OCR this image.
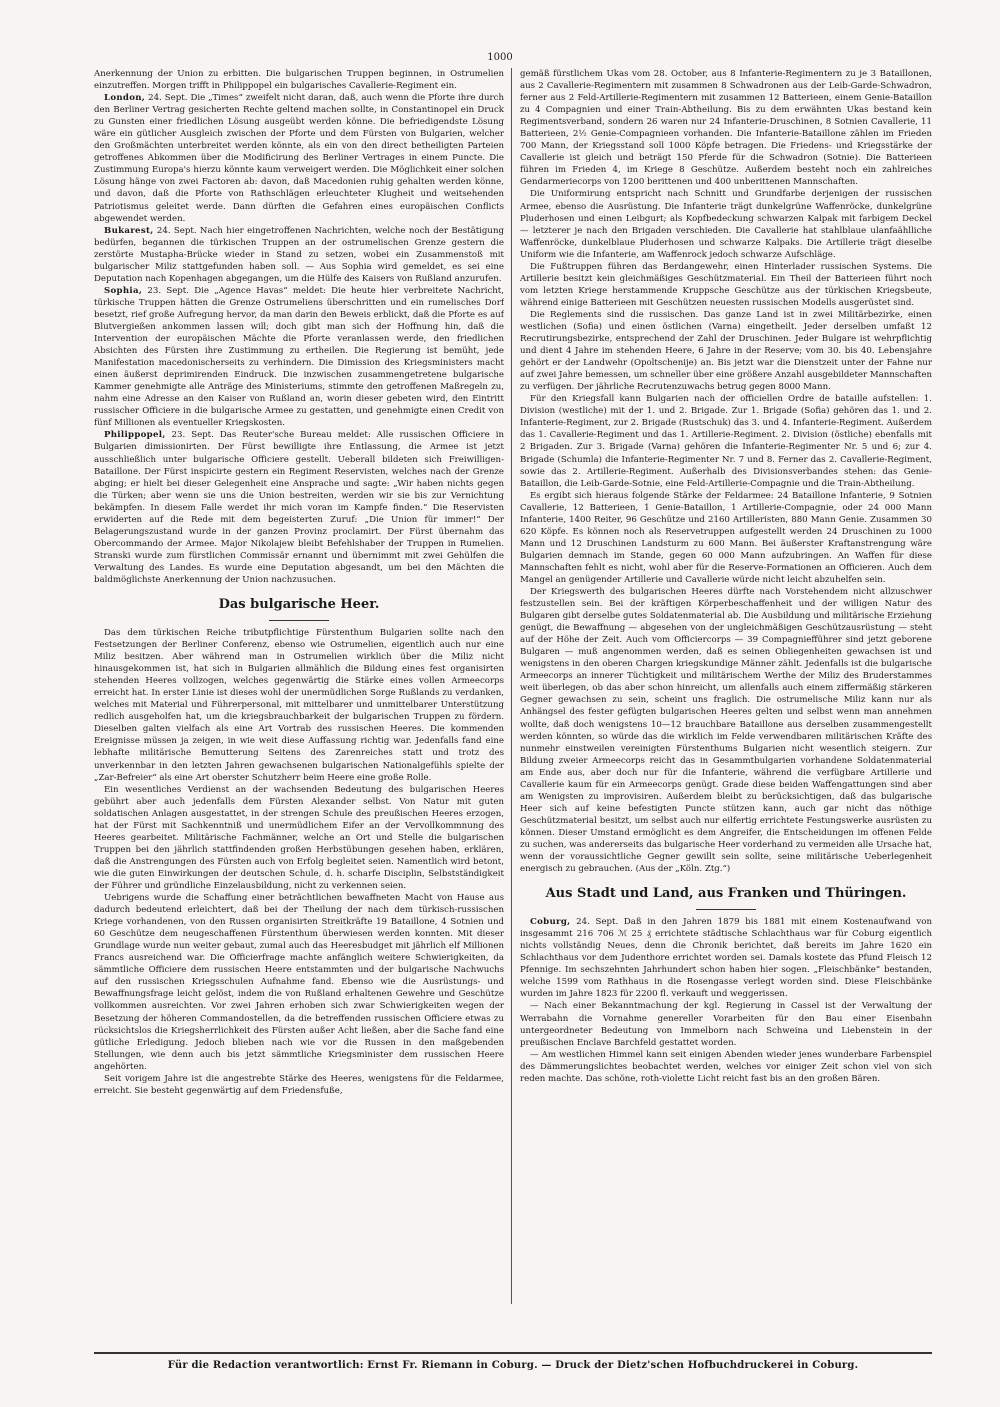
1000

Anerkennung der Union zu erbitten. Die bulgarischen Truppen beginnen, in Ostrumelien einzutreffen. Morgen trifft in Philippopel ein bulgarisches Cavallerie-Regiment ein.

London, 24. Sept. Die „Times“ zweifelt nicht daran, daß, auch wenn die Pforte ihre durch den Berliner Vertrag gesicherten Rechte geltend machen sollte, in Constantinopel ein Druck zu Gunsten einer friedlichen Lösung ausgeübt werden könne. Die befriedigendste Lösung wäre ein gütlicher Ausgleich zwischen der Pforte und dem Fürsten von Bulgarien, welcher den Großmächten unterbreitet werden könnte, als ein von den direct betheiligten Parteien getroffenes Abkommen über die Modificirung des Berliner Vertrages in einem Puncte. Die Zustimmung Europa's hierzu könnte kaum verweigert werden. Die Möglichkeit einer solchen Lösung hänge von zwei Factoren ab: davon, daß Macedonien ruhig gehalten werden könne, und davon, daß die Pforte von Rathschlägen erleuchteter Klugheit und weitsehenden Patriotismus geleitet werde. Dann dürften die Gefahren eines europäischen Conflicts abgewendet werden.

Bukarest, 24. Sept. Nach hier eingetroffenen Nachrichten, welche noch der Bestätigung bedürfen, begannen die türkischen Truppen an der ostrumelischen Grenze gestern die zerstörte Mustapha-Brücke wieder in Stand zu setzen, wobei ein Zusammenstoß mit bulgarischer Miliz stattgefunden haben soll. — Aus Sophia wird gemeldet, es sei eine Deputation nach Kopenhagen abgegangen, um die Hülfe des Kaisers von Rußland anzurufen.

Sophia, 23. Sept. Die „Agence Havas“ meldet: Die heute hier verbreitete Nachricht, türkische Truppen hätten die Grenze Ostrumeliens überschritten und ein rumelisches Dorf besetzt, rief große Aufregung hervor, da man darin den Beweis erblickt, daß die Pforte es auf Blutvergießen ankommen lassen will; doch gibt man sich der Hoffnung hin, daß die Intervention der europäischen Mächte die Pforte veranlassen werde, den friedlichen Absichten des Fürsten ihre Zustimmung zu ertheilen. Die Regierung ist bemüht, jede Manifestation macedonischerseits zu verhindern. Die Dimission des Kriegsministers macht einen äußerst deprimirenden Eindruck. Die inzwischen zusammengetretene bulgarische Kammer genehmigte alle Anträge des Ministeriums, stimmte den getroffenen Maßregeln zu, nahm eine Adresse an den Kaiser von Rußland an, worin dieser gebeten wird, den Eintritt russischer Officiere in die bulgarische Armee zu gestatten, und genehmigte einen Credit von fünf Millionen als eventueller Kriegskosten.

Philippopel, 23. Sept. Das Reuter'sche Bureau meldet: Alle russischen Officiere in Bulgarien dimissionirten. Der Fürst bewilligte ihre Entlassung, die Armee ist jetzt ausschließlich unter bulgarische Officiere gestellt. Ueberall bildeten sich Freiwilligen-Bataillone. Der Fürst inspicirte gestern ein Regiment Reservisten, welches nach der Grenze abging; er hielt bei dieser Gelegenheit eine Ansprache und sagte: „Wir haben nichts gegen die Türken; aber wenn sie uns die Union bestreiten, werden wir sie bis zur Vernichtung bekämpfen. In diesem Falle werdet ihr mich voran im Kampfe finden.“ Die Reservisten erwiderten auf die Rede mit dem begeisterten Zuruf: „Die Union für immer!“ Der Belagerungszustand wurde in der ganzen Provinz proclamirt. Der Fürst übernahm das Obercommando der Armee. Major Nikolajew bleibt Befehlshaber der Truppen in Rumelien. Stranski wurde zum fürstlichen Commissär ernannt und übernimmt mit zwei Gehülfen die Verwaltung des Landes. Es wurde eine Deputation abgesandt, um bei den Mächten die baldmöglichste Anerkennung der Union nachzusuchen.

Das bulgarische Heer.

Das dem türkischen Reiche tributpflichtige Fürstenthum Bulgarien sollte nach den Festsetzungen der Berliner Conferenz, ebenso wie Ostrumelien, eigentlich auch nur eine Miliz besitzen. Aber während man in Ostrumelien wirklich über die Miliz nicht hinausgekommen ist, hat sich in Bulgarien allmählich die Bildung eines fest organisirten stehenden Heeres vollzogen, welches gegenwärtig die Stärke eines vollen Armeecorps erreicht hat. In erster Linie ist dieses wohl der unermüdlichen Sorge Rußlands zu verdanken, welches mit Material und Führerpersonal, mit mittelbarer und unmittelbarer Unterstützung redlich ausgeholfen hat, um die kriegsbrauchbarkeit der bulgarischen Truppen zu fördern. Dieselben galten vielfach als eine Art Vortrab des russischen Heeres. Die kommenden Ereignisse müssen ja zeigen, in wie weit diese Auffassung richtig war. Jedenfalls fand eine lebhafte militärische Bemutterung Seitens des Zarenreiches statt und trotz des unverkennbar in den letzten Jahren gewachsenen bulgarischen Nationalgefühls spielte der „Zar-Befreier“ als eine Art oberster Schutzherr beim Heere eine große Rolle.

Ein wesentliches Verdienst an der wachsenden Bedeutung des bulgarischen Heeres gebührt aber auch jedenfalls dem Fürsten Alexander selbst. Von Natur mit guten soldatischen Anlagen ausgestattet, in der strengen Schule des preußischen Heeres erzogen, hat der Fürst mit Sachkenntniß und unermüdlichem Eifer an der Vervollkommnung des Heeres gearbeitet. Militärische Fachmänner, welche an Ort und Stelle die bulgarischen Truppen bei den jährlich stattfindenden großen Herbstübungen gesehen haben, erklären, daß die Anstrengungen des Fürsten auch von Erfolg begleitet seien. Namentlich wird betont, wie die guten Einwirkungen der deutschen Schule, d. h. scharfe Disciplin, Selbstständigkeit der Führer und gründliche Einzelausbildung, nicht zu verkennen seien.

Uebrigens wurde die Schaffung einer beträchtlichen bewaffneten Macht von Hause aus dadurch bedeutend erleichtert, daß bei der Theilung der nach dem türkisch-russischen Kriege vorhandenen, von den Russen organisirten Streitkräfte 19 Bataillone, 4 Sotnien und 60 Geschütze dem neugeschaffenen Fürstenthum überwiesen werden konnten. Mit dieser Grundlage wurde nun weiter gebaut, zumal auch das Heeresbudget mit jährlich elf Millionen Francs ausreichend war. Die Officierfrage machte anfänglich weitere Schwierigkeiten, da sämmtliche Officiere dem russischen Heere entstammten und der bulgarische Nachwuchs auf den russischen Kriegsschulen Aufnahme fand. Ebenso wie die Ausrüstungs- und Bewaffnungsfrage leicht gelöst, indem die von Rußland erhaltenen Gewehre und Geschütze vollkommen ausreichten. Vor zwei Jahren erhoben sich zwar Schwierigkeiten wegen der Besetzung der höheren Commandostellen, da die betreffenden russischen Officiere etwas zu rücksichtslos die Kriegsherrlichkeit des Fürsten außer Acht ließen, aber die Sache fand eine gütliche Erledigung. Jedoch blieben nach wie vor die Russen in den maßgebenden Stellungen, wie denn auch bis jetzt sämmtliche Kriegsminister dem russischen Heere angehörten.

Seit vorigem Jahre ist die angestrebte Stärke des Heeres, wenigstens für die Feldarmee, erreicht. Sie besteht gegenwärtig auf dem Friedensfuße,

gemäß fürstlichem Ukas vom 28. October, aus 8 Infanterie-Regimentern zu je 3 Bataillonen, aus 2 Cavallerie-Regimentern mit zusammen 8 Schwadronen aus der Leib-Garde-Schwadron, ferner aus 2 Feld-Artillerie-Regimentern mit zusammen 12 Batterieen, einem Genie-Bataillon zu 4 Compagnien und einer Train-Abtheilung. Bis zu dem erwähnten Ukas bestand kein Regimentsverband, sondern 26 waren nur 24 Infanterie-Druschinen, 8 Sotnien Cavallerie, 11 Batterieen, 2½ Genie-Compagnieen vorhanden. Die Infanterie-Bataillone zählen im Frieden 700 Mann, der Kriegsstand soll 1000 Köpfe betragen. Die Friedens- und Kriegsstärke der Cavallerie ist gleich und beträgt 150 Pferde für die Schwadron (Sotnie). Die Batterieen führen im Frieden 4, im Kriege 8 Geschütze. Außerdem besteht noch ein zahlreiches Gendarmeriecorps von 1200 berittenen und 400 unberittenen Mannschaften.

Die Uniformirung entspricht nach Schnitt und Grundfarbe derjenigen der russischen Armee, ebenso die Ausrüstung. Die Infanterie trägt dunkelgrüne Waffenröcke, dunkelgrüne Pluderhosen und einen Leibgurt; als Kopfbedeckung schwarzen Kalpak mit farbigem Deckel — letzterer je nach den Brigaden verschieden. Die Cavallerie hat stahlblaue ulanfaählliche Waffenröcke, dunkelblaue Pluderhosen und schwarze Kalpaks. Die Artillerie trägt dieselbe Uniform wie die Infanterie, am Waffenrock jedoch schwarze Aufschläge.

Die Fußtruppen führen das Berdangewehr, einen Hinterlader russischen Systems. Die Artillerie besitzt kein gleichmäßiges Geschützmaterial. Ein Theil der Batterieen führt noch vom letzten Kriege herstammende Kruppsche Geschütze aus der türkischen Kriegsbeute, während einige Batterieen mit Geschützen neuesten russischen Modells ausgerüstet sind.

Die Reglements sind die russischen. Das ganze Land ist in zwei Militärbezirke, einen westlichen (Sofia) und einen östlichen (Varna) eingetheilt. Jeder derselben umfaßt 12 Recrutirungsbezirke, entsprechend der Zahl der Druschinen. Jeder Bulgare ist wehrpflichtig und dient 4 Jahre im stehenden Heere, 6 Jahre in der Reserve; vom 30. bis 40. Lebensjahre gehört er der Landwehr (Opoltschenije) an. Bis jetzt war die Dienstzeit unter der Fahne nur auf zwei Jahre bemessen, um schneller über eine größere Anzahl ausgebildeter Mannschaften zu verfügen. Der jährliche Recrutenzuwachs betrug gegen 8000 Mann.

Für den Kriegsfall kann Bulgarien nach der officiellen Ordre de bataille aufstellen: 1. Division (westliche) mit der 1. und 2. Brigade. Zur 1. Brigade (Sofia) gehören das 1. und 2. Infanterie-Regiment, zur 2. Brigade (Rustschuk) das 3. und 4. Infanterie-Regiment. Außerdem das 1. Cavallerie-Regiment und das 1. Artillerie-Regiment. 2. Division (östliche) ebenfalls mit 2 Brigaden. Zur 3. Brigade (Varna) gehören die Infanterie-Regimenter Nr. 5 und 6; zur 4. Brigade (Schumla) die Infanterie-Regimenter Nr. 7 und 8. Ferner das 2. Cavallerie-Regiment, sowie das 2. Artillerie-Regiment. Außerhalb des Divisionsverbandes stehen: das Genie-Bataillon, die Leib-Garde-Sotnie, eine Feld-Artillerie-Compagnie und die Train-Abtheilung.

Es ergibt sich hieraus folgende Stärke der Feldarmee: 24 Bataillone Infanterie, 9 Sotnien Cavallerie, 12 Batterieen, 1 Genie-Bataillon, 1 Artillerie-Compagnie, oder 24 000 Mann Infanterie, 1400 Reiter, 96 Geschütze und 2160 Artilleristen, 880 Mann Genie. Zusammen 30 620 Köpfe. Es können noch als Reservetruppen aufgestellt werden 24 Druschinen zu 1000 Mann und 12 Druschinen Landsturm zu 600 Mann. Bei äußerster Kraftanstrengung wäre Bulgarien demnach im Stande, gegen 60 000 Mann aufzubringen. An Waffen für diese Mannschaften fehlt es nicht, wohl aber für die Reserve-Formationen an Officieren. Auch dem Mangel an genügender Artillerie und Cavallerie würde nicht leicht abzuhelfen sein.

Der Kriegswerth des bulgarischen Heeres dürfte nach Vorstehendem nicht allzuschwer festzustellen sein. Bei der kräftigen Körperbeschaffenheit und der willigen Natur des Bulgaren gibt derselbe gutes Soldatenmaterial ab. Die Ausbildung und militärische Erziehung genügt, die Bewaffnung — abgesehen von der ungleichmäßigen Geschützausrüstung — steht auf der Höhe der Zeit. Auch vom Officiercorps — 39 Compagniefführer sind jetzt geborene Bulgaren — muß angenommen werden, daß es seinen Obliegenheiten gewachsen ist und wenigstens in den oberen Chargen kriegskundige Männer zählt. Jedenfalls ist die bulgarische Armeecorps an innerer Tüchtigkeit und militärischem Werthe der Miliz des Bruderstammes weit überlegen, ob das aber schon hinreicht, um allenfalls auch einem ziffermäßig stärkeren Gegner gewachsen zu sein, scheint uns fraglich. Die ostrumelische Miliz kann nur als Anhängsel des fester gefügten bulgarischen Heeres gelten und selbst wenn man annehmen wollte, daß doch wenigstens 10—12 brauchbare Bataillone aus derselben zusammengestellt werden könnten, so würde das die wirklich im Felde verwendbaren militärischen Kräfte des nunmehr einstweilen vereinigten Fürstenthums Bulgarien nicht wesentlich steigern. Zur Bildung zweier Armeecorps reicht das in Gesammtbulgarien vorhandene Soldatenmaterial am Ende aus, aber doch nur für die Infanterie, während die verfügbare Artillerie und Cavallerie kaum für ein Armeecorps genügt. Grade diese beiden Waffengattungen sind aber am Wenigsten zu improvisiren. Außerdem bleibt zu berücksichtigen, daß das bulgarische Heer sich auf keine befestigten Puncte stützen kann, auch gar nicht das nöthige Geschützmaterial besitzt, um selbst auch nur eilfertig errichtete Festungswerke ausrüsten zu können. Dieser Umstand ermöglicht es dem Angreifer, die Entscheidungen im offenen Felde zu suchen, was andererseits das bulgarische Heer vorderhand zu vermeiden alle Ursache hat, wenn der voraussichtliche Gegner gewillt sein sollte, seine militärische Ueberlegenheit energisch zu gebrauchen. (Aus der „Köln. Ztg.“)

Aus Stadt und Land, aus Franken und Thüringen.

Coburg, 24. Sept. Daß in den Jahren 1879 bis 1881 mit einem Kostenaufwand von insgesammt 216 706 ℳ 25 ₰ errichtete städtische Schlachthaus war für Coburg eigentlich nichts vollständig Neues, denn die Chronik berichtet, daß bereits im Jahre 1620 ein Schlachthaus vor dem Judenthore errichtet worden sei. Damals kostete das Pfund Fleisch 12 Pfennige. Im sechszehnten Jahrhundert schon haben hier sogen. „Fleischbänke“ bestanden, welche 1599 vom Rathhaus in die Rosengasse verlegt worden sind. Diese Fleischbänke wurden im Jahre 1823 für 2200 fl. verkauft und weggerissen.

— Nach einer Bekanntmachung der kgl. Regierung in Cassel ist der Verwaltung der Werrabahn die Vornahme genereller Vorarbeiten für den Bau einer Eisenbahn untergeordneter Bedeutung von Immelborn nach Schweina und Liebenstein in der preußischen Enclave Barchfeld gestattet worden.

— Am westlichen Himmel kann seit einigen Abenden wieder jenes wunderbare Farbenspiel des Dämmerungslichtes beobachtet werden, welches vor einiger Zeit schon viel von sich reden machte. Das schöne, roth-violette Licht reicht fast bis an den großen Bären.

Für die Redaction verantwortlich: Ernst Fr. Riemann in Coburg. — Druck der Dietz'schen Hofbuchdruckerei in Coburg.
